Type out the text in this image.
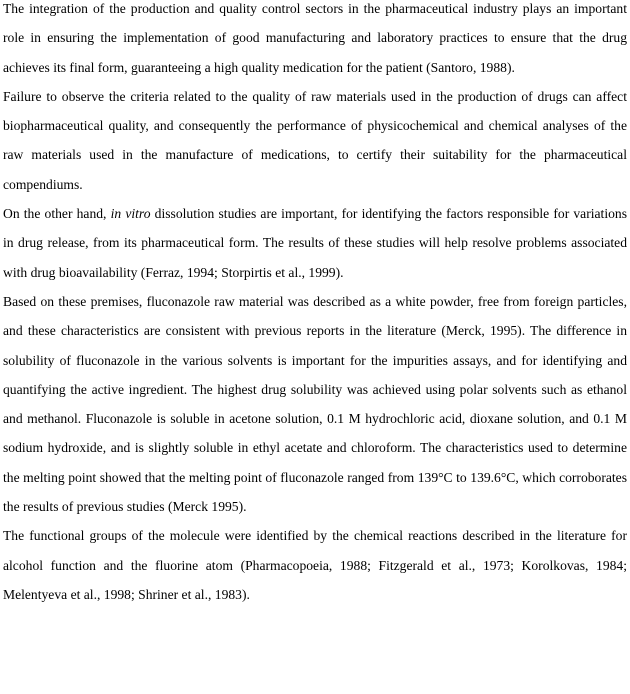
The integration of the production and quality control sectors in the pharmaceutical industry plays an important role in ensuring the implementation of good manufacturing and laboratory practices to ensure that the drug achieves its final form, guaranteeing a high quality medication for the patient (Santoro, 1988).

Failure to observe the criteria related to the quality of raw materials used in the production of drugs can affect biopharmaceutical quality, and consequently the performance of physicochemical and chemical analyses of the raw materials used in the manufacture of medications, to certify their suitability for the pharmaceutical compendiums.

On the other hand, in vitro dissolution studies are important, for identifying the factors responsible for variations in drug release, from its pharmaceutical form. The results of these studies will help resolve problems associated with drug bioavailability (Ferraz, 1994; Storpirtis et al., 1999).

Based on these premises, fluconazole raw material was described as a white powder, free from foreign particles, and these characteristics are consistent with previous reports in the literature (Merck, 1995). The difference in solubility of fluconazole in the various solvents is important for the impurities assays, and for identifying and quantifying the active ingredient. The highest drug solubility was achieved using polar solvents such as ethanol and methanol. Fluconazole is soluble in acetone solution, 0.1 M hydrochloric acid, dioxane solution, and 0.1 M sodium hydroxide, and is slightly soluble in ethyl acetate and chloroform. The characteristics used to determine the melting point showed that the melting point of fluconazole ranged from 139°C to 139.6°C, which corroborates the results of previous studies (Merck 1995).

The functional groups of the molecule were identified by the chemical reactions described in the literature for alcohol function and the fluorine atom (Pharmacopoeia, 1988; Fitzgerald et al., 1973; Korolkovas, 1984; Melentyeva et al., 1998; Shriner et al., 1983).
